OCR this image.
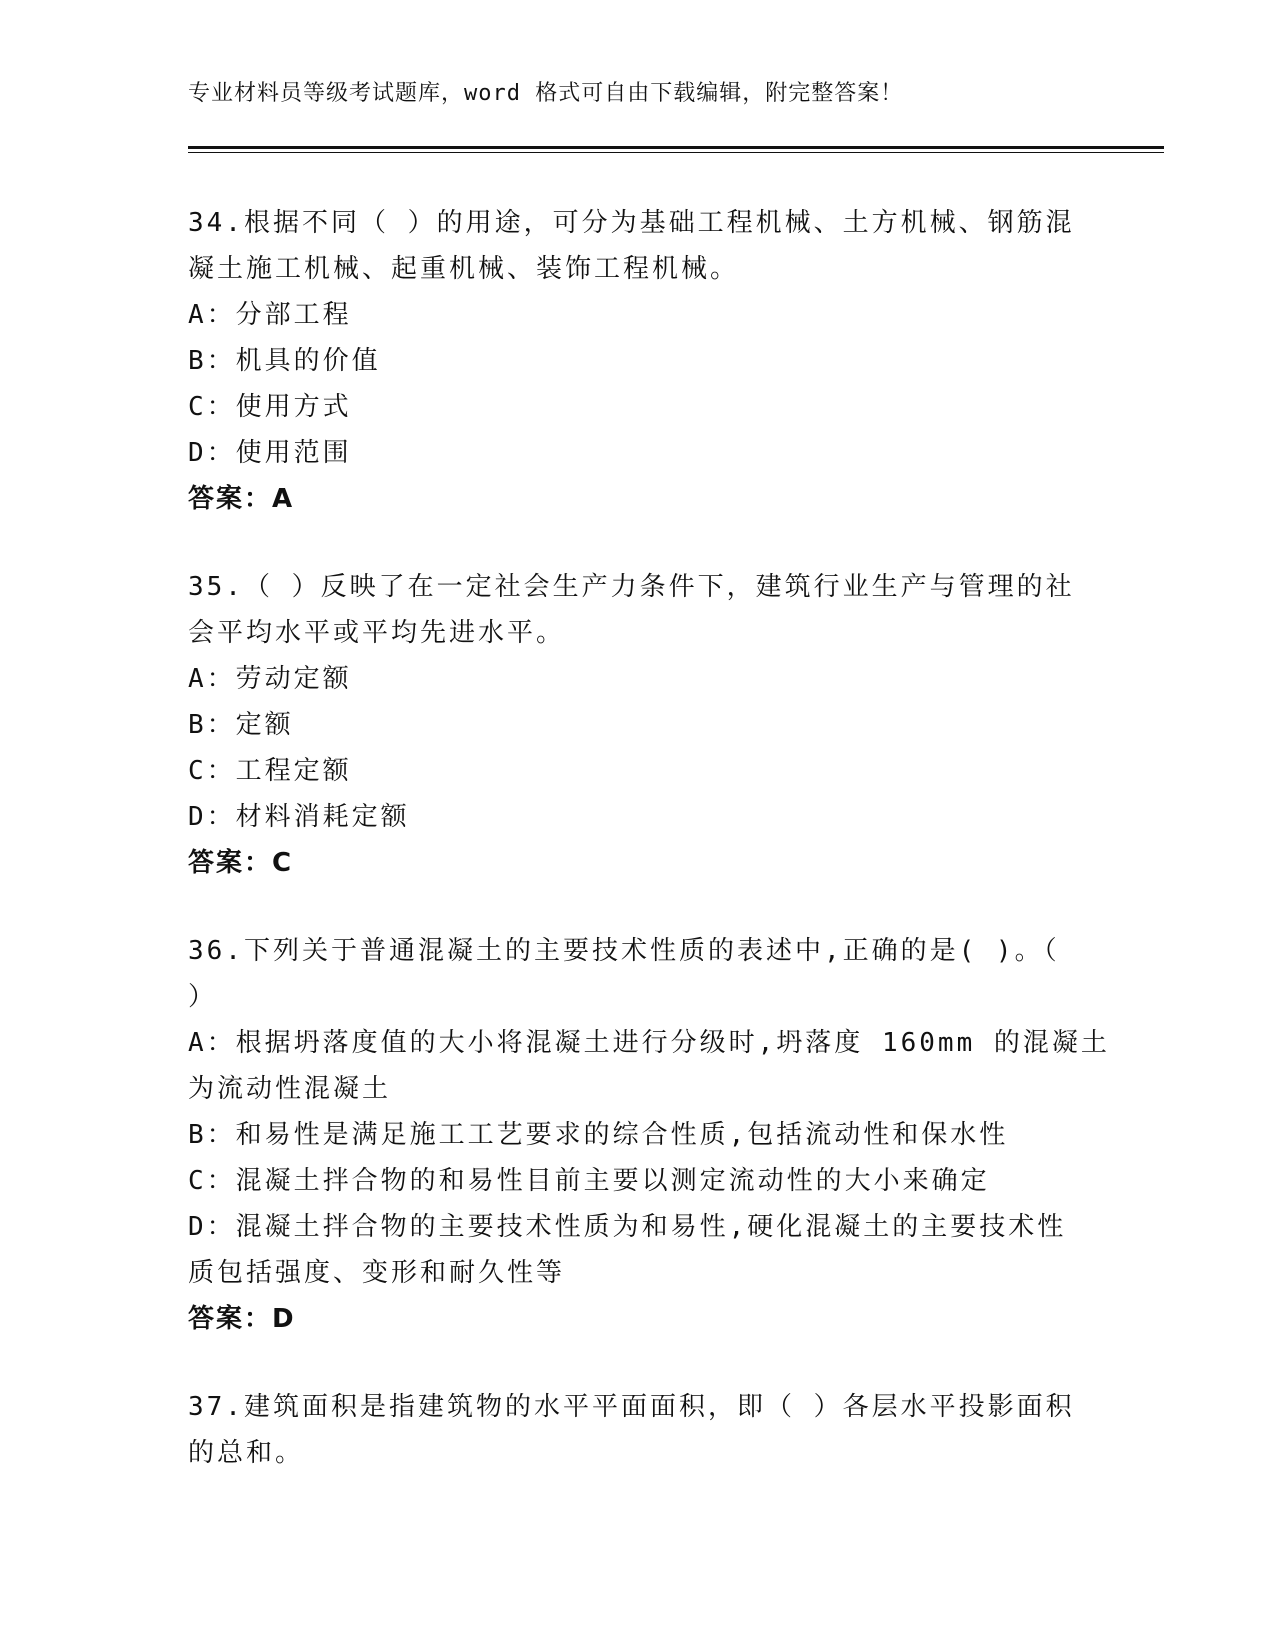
专业材料员等级考试题库，word 格式可自由下载编辑，附完整答案！
34.根据不同（ ）的用途，可分为基础工程机械、土方机械、钢筋混
凝土施工机械、起重机械、装饰工程机械。
A：分部工程
B：机具的价值
C：使用方式
D：使用范围
答案：A
35.（ ）反映了在一定社会生产力条件下，建筑行业生产与管理的社
会平均水平或平均先进水平。
A：劳动定额
B：定额
C：工程定额
D：材料消耗定额
答案：C
36.下列关于普通混凝土的主要技术性质的表述中,正确的是( )。（
）
A：根据坍落度值的大小将混凝土进行分级时,坍落度 160mm 的混凝土
为流动性混凝土
B：和易性是满足施工工艺要求的综合性质,包括流动性和保水性
C：混凝土拌合物的和易性目前主要以测定流动性的大小来确定
D：混凝土拌合物的主要技术性质为和易性,硬化混凝土的主要技术性
质包括强度、变形和耐久性等
答案：D
37.建筑面积是指建筑物的水平平面面积，即（ ）各层水平投影面积
的总和。
